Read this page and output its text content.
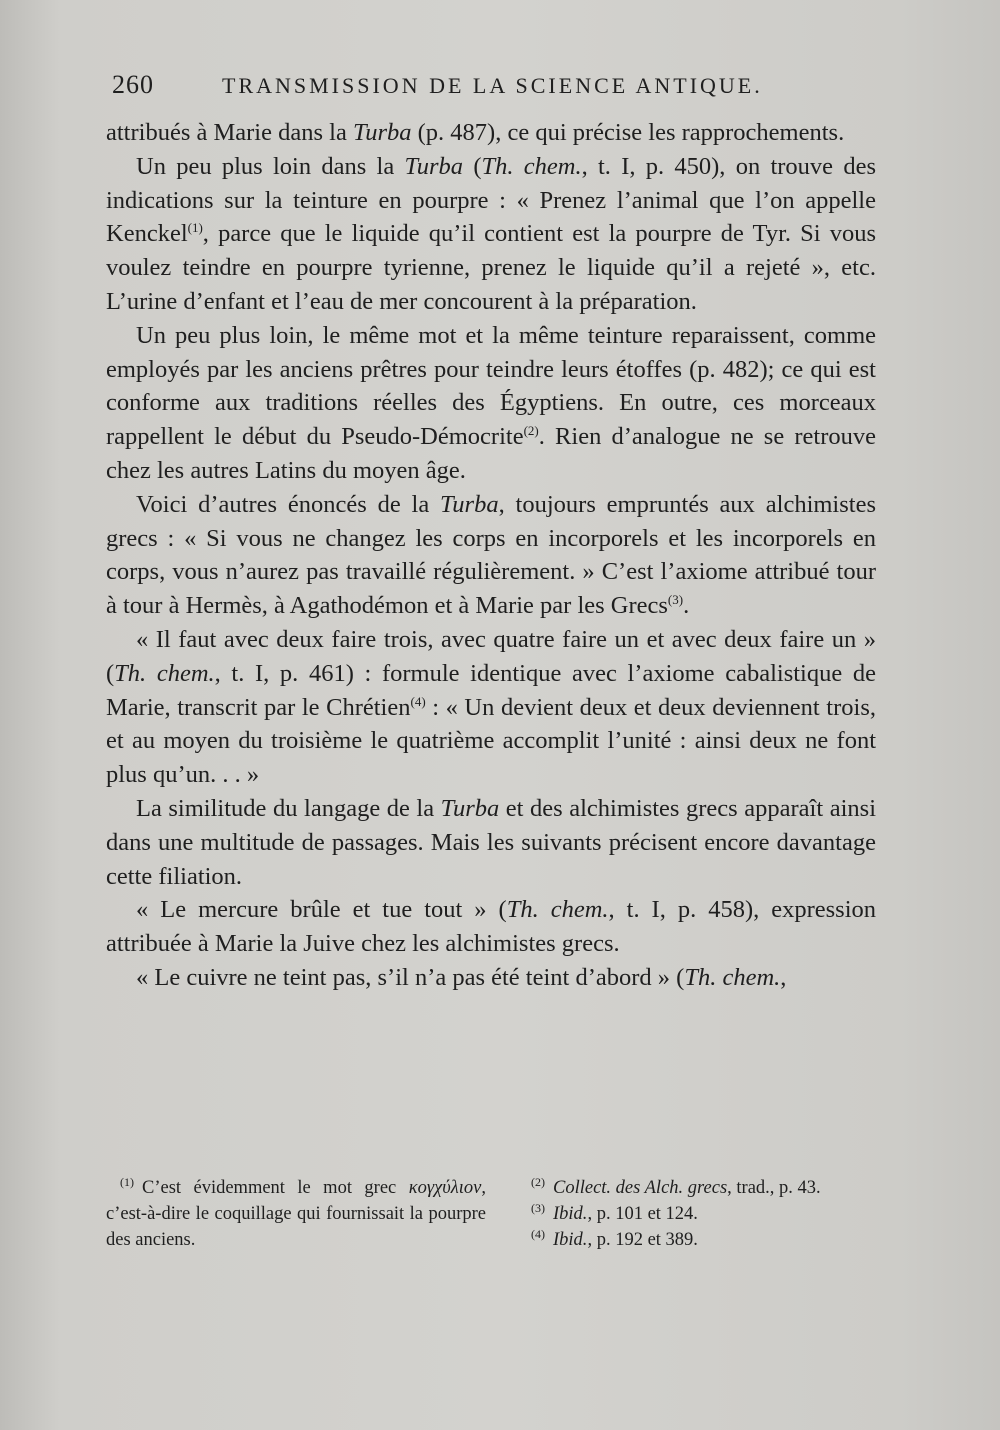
260	TRANSMISSION DE LA SCIENCE ANTIQUE.

attribués à Marie dans la Turba (p. 487), ce qui précise les rapprochements.

Un peu plus loin dans la Turba (Th. chem., t. I, p. 450), on trouve des indications sur la teinture en pourpre : « Prenez l’animal que l’on appelle Kenckel$^{(1)}$, parce que le liquide qu’il contient est la pourpre de Tyr. Si vous voulez teindre en pourpre tyrienne, prenez le liquide qu’il a rejeté », etc. L’urine d’enfant et l’eau de mer concourent à la préparation.

Un peu plus loin, le même mot et la même teinture reparaissent, comme employés par les anciens prêtres pour teindre leurs étoffes (p. 482); ce qui est conforme aux traditions réelles des Égyptiens. En outre, ces morceaux rappellent le début du Pseudo-Démocrite$^{(2)}$. Rien d’analogue ne se retrouve chez les autres Latins du moyen âge.

Voici d’autres énoncés de la Turba, toujours empruntés aux alchimistes grecs : « Si vous ne changez les corps en incorporels et les incorporels en corps, vous n’aurez pas travaillé régulièrement. » C’est l’axiome attribué tour à tour à Hermès, à Agathodémon et à Marie par les Grecs$^{(3)}$.

« Il faut avec deux faire trois, avec quatre faire un et avec deux faire un » (Th. chem., t. I, p. 461) : formule identique avec l’axiome cabalistique de Marie, transcrit par le Chrétien$^{(4)}$ : « Un devient deux et deux deviennent trois, et au moyen du troisième le quatrième accomplit l’unité : ainsi deux ne font plus qu’un. . . »

La similitude du langage de la Turba et des alchimistes grecs apparaît ainsi dans une multitude de passages. Mais les suivants précisent encore davantage cette filiation.

« Le mercure brûle et tue tout » (Th. chem., t. I, p. 458), expression attribuée à Marie la Juive chez les alchimistes grecs.

« Le cuivre ne teint pas, s’il n’a pas été teint d’abord » (Th. chem.,

$^{(1)}$ C’est évidemment le mot grec κογχύλιον, c’est-à-dire le coquillage qui fournissait la pourpre des anciens.

$^{(2)}$ Collect. des Alch. grecs, trad., p. 43.

$^{(3)}$ Ibid., p. 101 et 124.

$^{(4)}$ Ibid., p. 192 et 389.
